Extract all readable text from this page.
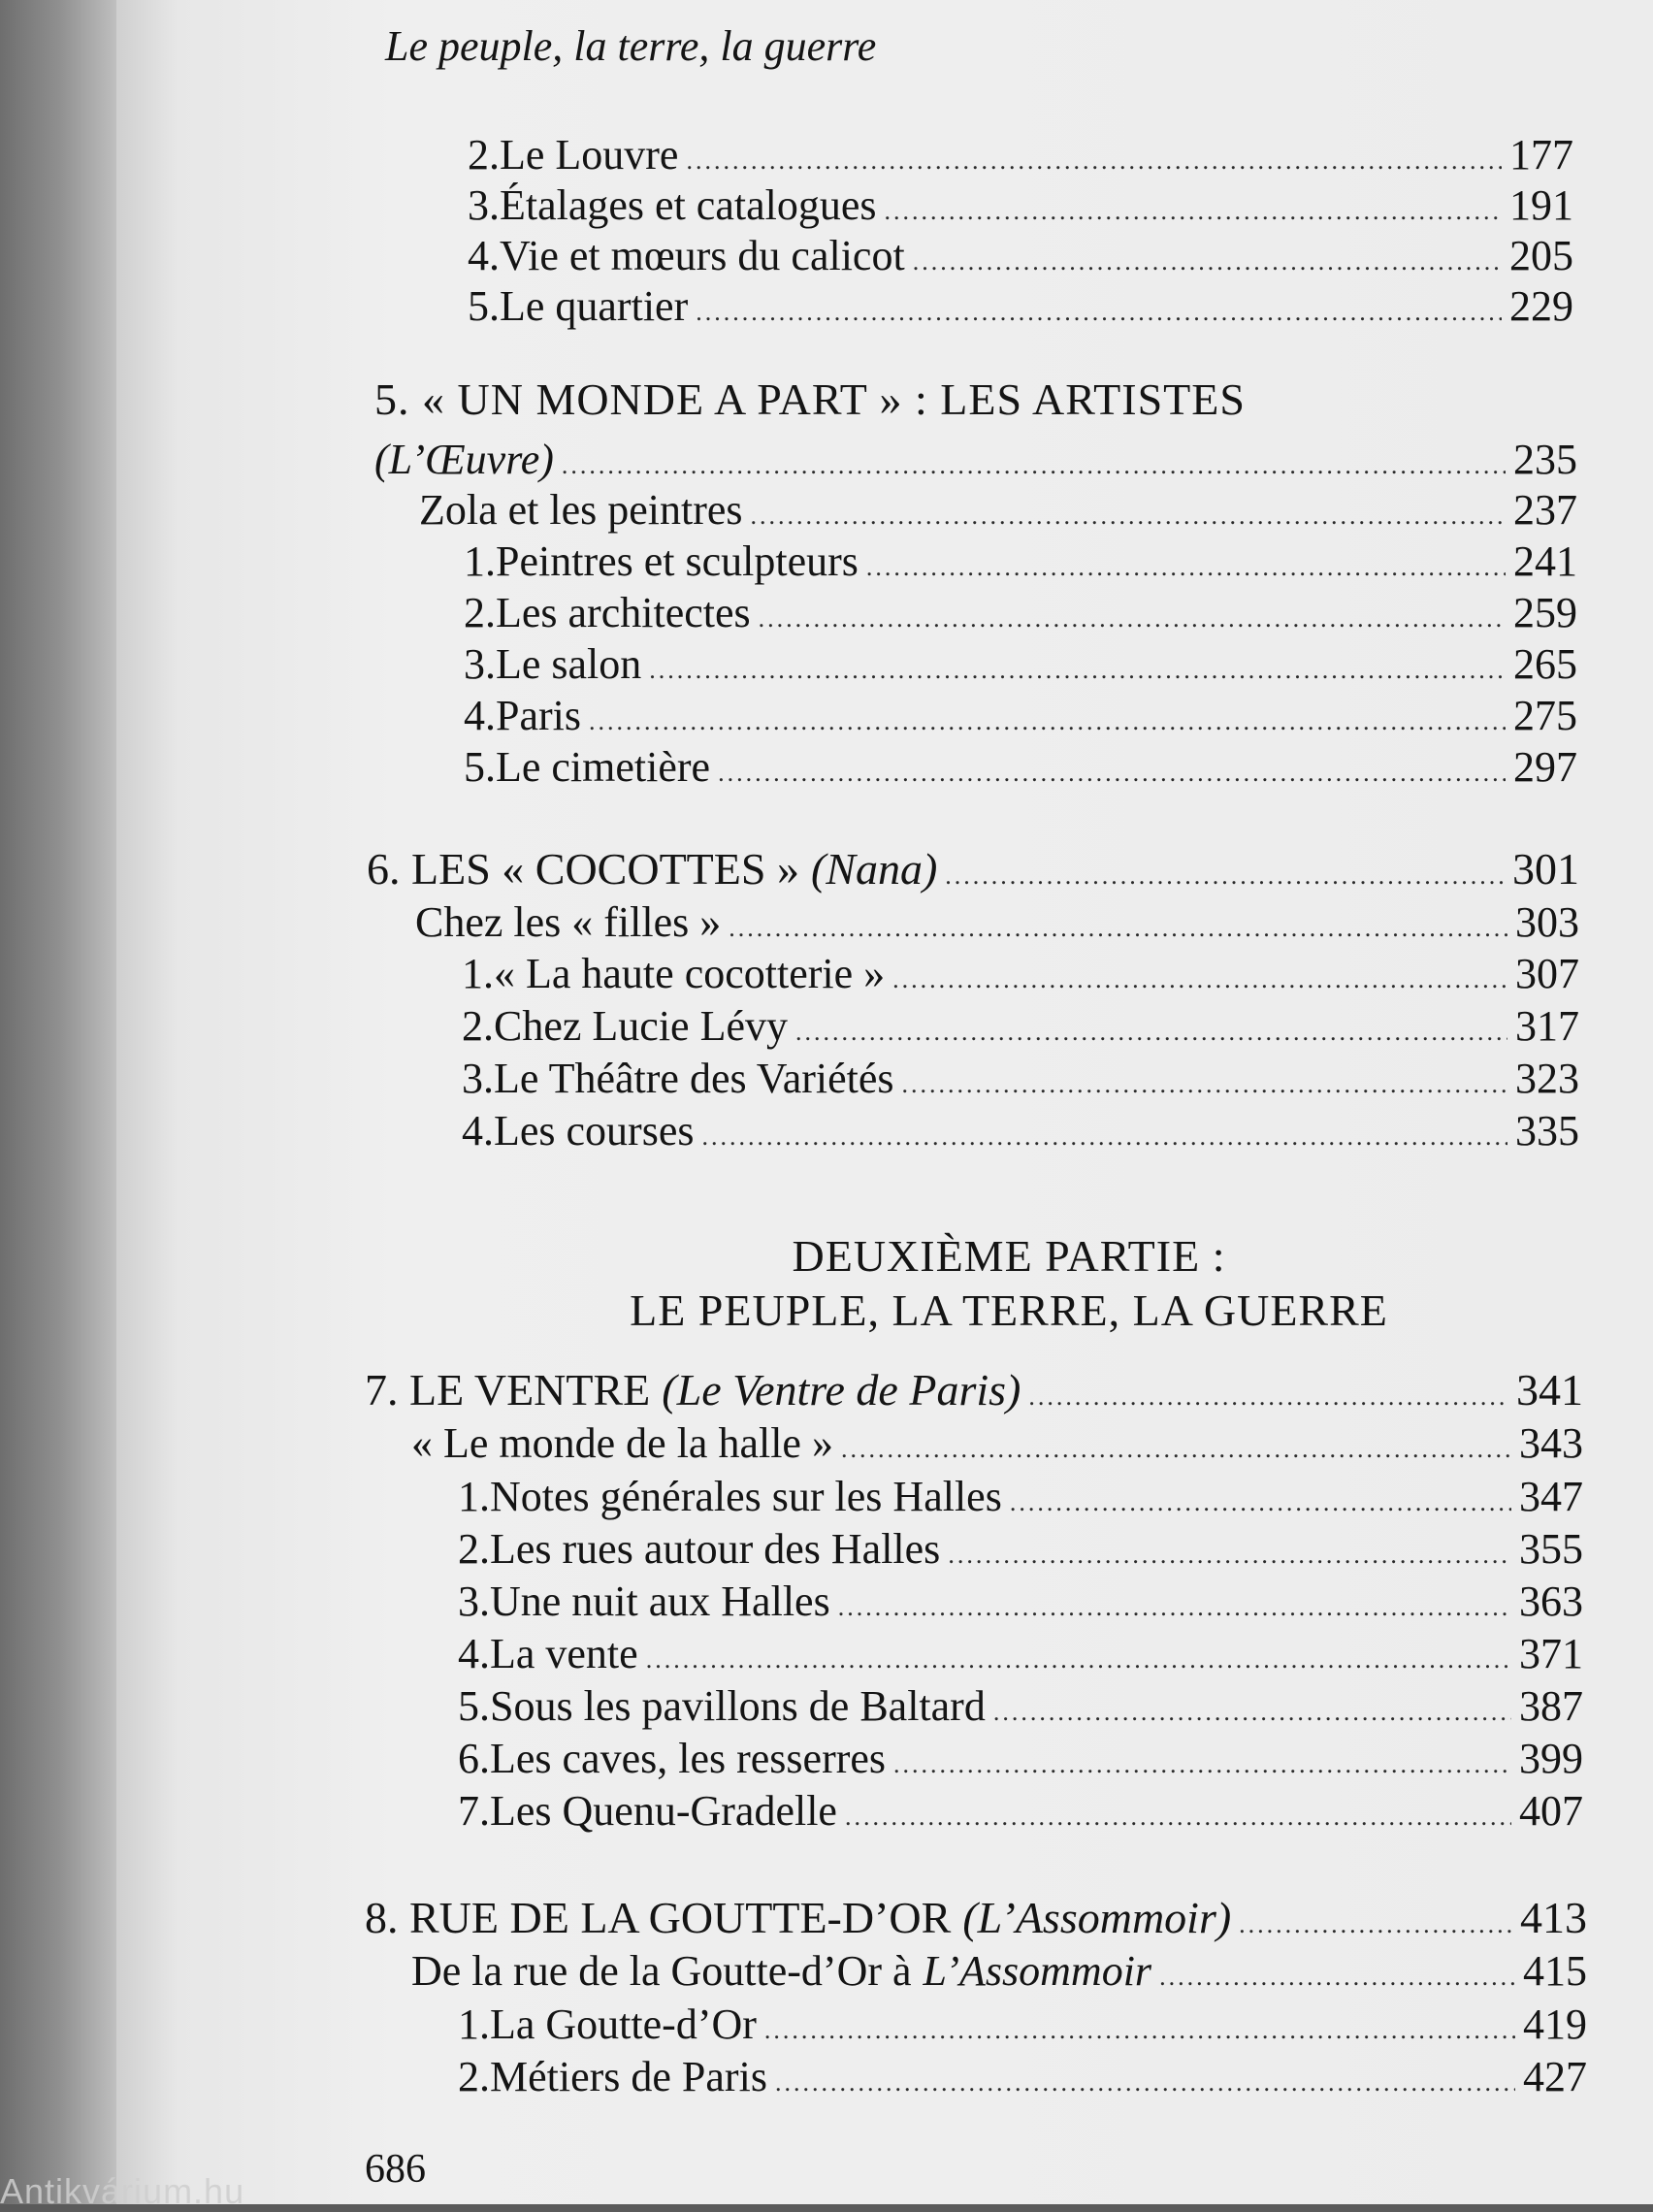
Le peuple, la terre, la guerre
2. Le Louvre .....	177
3. Étalages et catalogues .....	191
4. Vie et mœurs du calicot .....	205
5. Le quartier .....	229
5. « UN MONDE A PART » : LES ARTISTES
(L’Œuvre) .....	235
Zola et les peintres .....	237
1. Peintres et sculpteurs .....	241
2. Les architectes .....	259
3. Le salon .....	265
4. Paris .....	275
5. Le cimetière .....	297
6. LES « COCOTTES » (Nana) .....	301
Chez les « filles » .....	303
1. « La haute cocotterie » .....	307
2. Chez Lucie Lévy .....	317
3. Le Théâtre des Variétés .....	323
4. Les courses .....	335
DEUXIÈME PARTIE :
LE PEUPLE, LA TERRE, LA GUERRE
7. LE VENTRE (Le Ventre de Paris) .....	341
« Le monde de la halle » .....	343
1. Notes générales sur les Halles .....	347
2. Les rues autour des Halles .....	355
3. Une nuit aux Halles .....	363
4. La vente .....	371
5. Sous les pavillons de Baltard .....	387
6. Les caves, les resserres .....	399
7. Les Quenu-Gradelle .....	407
8. RUE DE LA GOUTTE-D’OR (L’Assommoir) .....	413
De la rue de la Goutte-d’Or à L’Assommoir .....	415
1. La Goutte-d’Or .....	419
2. Métiers de Paris .....	427
686
Antikvárium.hu
